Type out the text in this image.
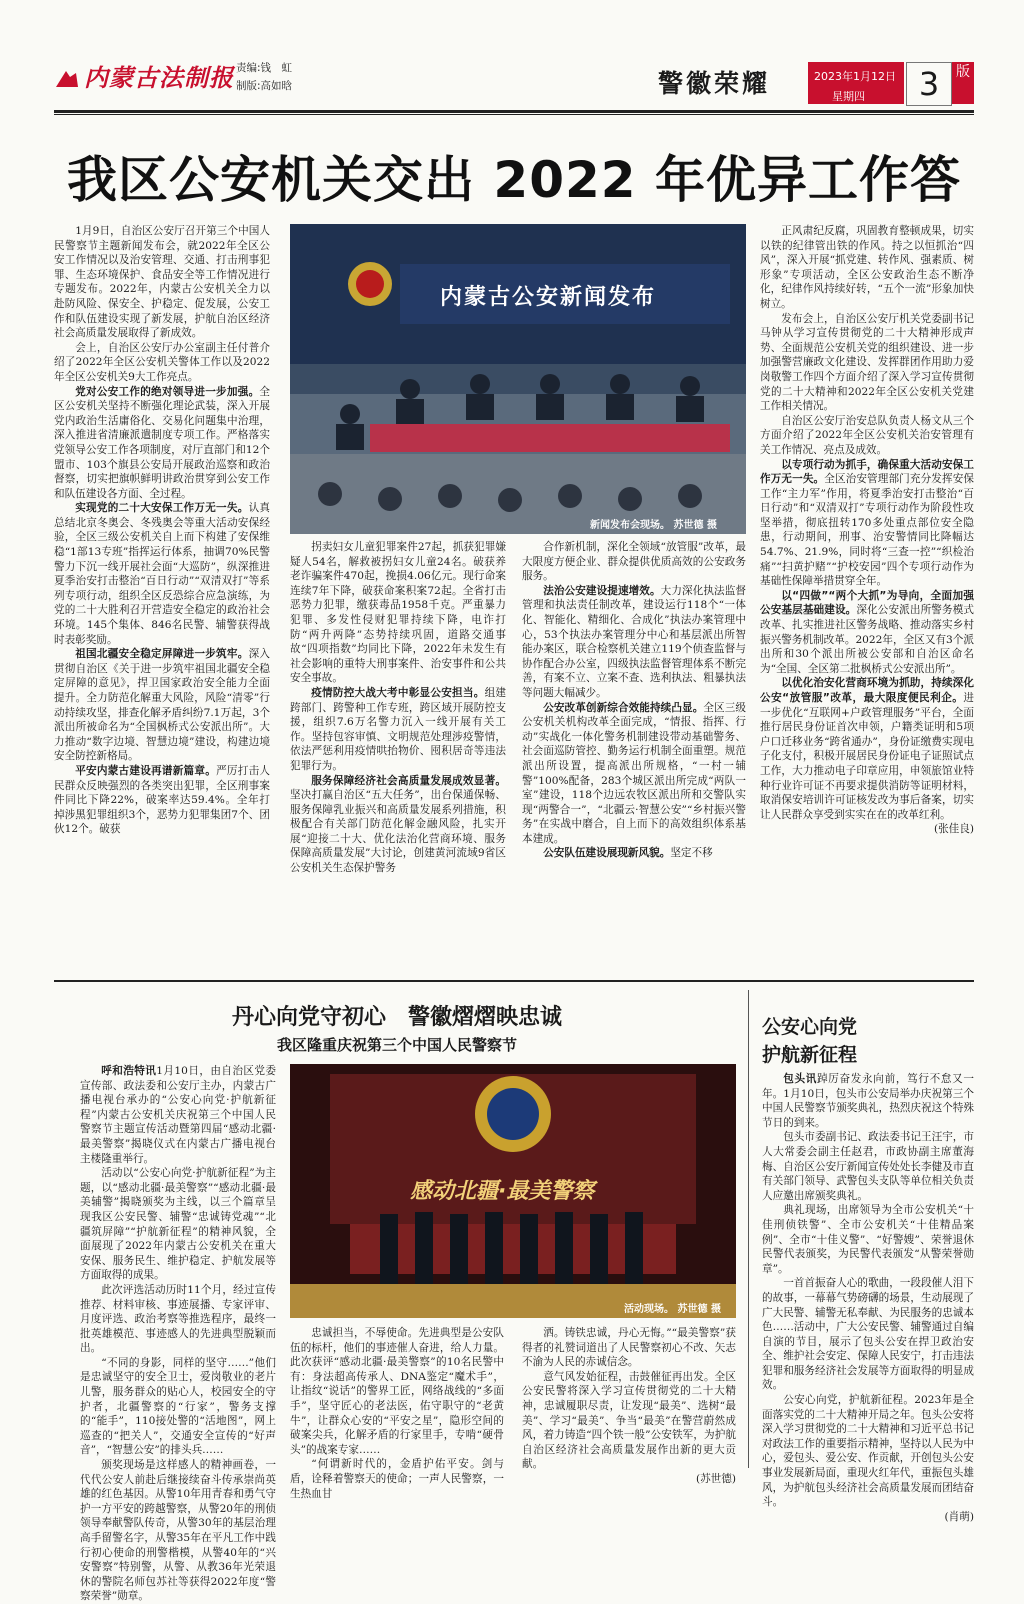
内蒙古法制报 责编:钱　虹
制版:高如晗	警徽荣耀	2023年1月12日
星期四	3	版
我区公安机关交出 2022 年优异工作答

1月9日，自治区公安厅召开第三个中国人民警察节主题新闻发布会，就2022年全区公安工作情况以及治安管理、交通、打击刑事犯罪、生态环境保护、食品安全等工作情况进行专题发布。2022年，内蒙古公安机关全力以赴防风险、保安全、护稳定、促发展，公安工作和队伍建设实现了新发展，护航自治区经济社会高质量发展取得了新成效。

会上，自治区公安厅办公室副主任付普介绍了2022年全区公安机关警体工作以及2022年全区公安机关9大工作亮点。

党对公安工作的绝对领导进一步加强。全区公安机关坚持不断强化理论武装，深入开展党内政治生活庸俗化、交易化问题集中治理，深入推进省清廉派遣制度专项工作。严格落实党领导公安工作各项制度，对厅直部门和12个盟市、103个旗县公安局开展政治巡察和政治督察，切实把旗帜鲜明讲政治贯穿到公安工作和队伍建设各方面、全过程。

实现党的二十大安保工作万无一失。认真总结北京冬奥会、冬残奥会等重大活动安保经验，全区三级公安机关自上而下构建了安保维稳“1部13专班”指挥运行体系，抽调70%民警警力下沉一线开展社会面“大巡防”，纵深推进夏季治安打击整治“百日行动”“双清双打”等系列专项行动，组织全区反恐综合应急演练，为党的二十大胜利召开营造安全稳定的政治社会环境。145个集体、846名民警、辅警获得战时表彰奖励。

祖国北疆安全稳定屏障进一步筑牢。深入贯彻自治区《关于进一步筑牢祖国北疆安全稳定屏障的意见》，捍卫国家政治安全能力全面提升。全力防范化解重大风险，风险“清零”行动持续攻坚，排查化解矛盾纠纷7.1万起，3个派出所被命名为“全国枫桥式公安派出所”。大力推动“数字边境、智慧边境”建设，构建边境安全防控新格局。

平安内蒙古建设再谱新篇章。严厉打击人民群众反映强烈的各类突出犯罪，全区刑事案件同比下降22%，破案率达59.4%。全年打掉涉黑犯罪组织3个，恶势力犯罪集团7个、团伙12个。破获

内蒙古公安新闻发布
新闻发布会现场。 苏世德 摄

拐卖妇女儿童犯罪案件27起，抓获犯罪嫌疑人54名，解救被拐妇女儿童24名。破获养老诈骗案件470起，挽损4.06亿元。现行命案连续7年下降，破获命案积案72起。全省打击恶势力犯罪，缴获毒品1958千克。严重暴力犯罪、多发性侵财犯罪持续下降，电诈打防“两升两降”态势持续巩固，道路交通事故“四项指数”均同比下降，2022年未发生有社会影响的重特大刑事案件、治安事件和公共安全事故。

疫情防控大战大考中彰显公安担当。组建跨部门、跨警种工作专班，跨区域开展防控支援，组织7.6万名警力沉入一线开展有关工作。坚持包容审慎、文明规范处理涉疫警情，依法严惩利用疫情哄抬物价、囤积居奇等违法犯罪行为。

服务保障经济社会高质量发展成效显著。坚决打赢自治区“五大任务”，出台保通保畅、服务保障乳业振兴和高质量发展系列措施，积极配合有关部门防范化解金融风险，扎实开展“迎接二十大、优化法治化营商环境、服务保障高质量发展”大讨论，创建黄河流域9省区公安机关生态保护警务

合作新机制，深化全领域“放管服”改革，最大限度方便企业、群众提供优质高效的公安政务服务。

法治公安建设提速增效。大力深化执法监督管理和执法责任制改革，建设运行118个“一体化、智能化、精细化、合成化”执法办案管理中心，53个执法办案管理分中心和基层派出所智能办案区，联合检察机关建立119个侦查监督与协作配合办公室，四级执法监督管理体系不断完善，有案不立、立案不查、选利执法、粗暴执法等问题大幅减少。

公安改革创新综合效能持续凸显。全区三级公安机关机构改革全面完成，“情报、指挥、行动”实战化一体化警务机制建设带动基础警务、社会面巡防管控、勤务运行机制全面重塑。规范派出所设置，提高派出所规格，“一村一辅警”100%配备，283个城区派出所完成“两队一室”建设，118个边远农牧区派出所和交警队实现“两警合一”，“北疆云·智慧公安”“乡村振兴警务”在实战中磨合，自上而下的高效组织体系基本建成。

公安队伍建设展现新风貌。坚定不移

正风肃纪反腐，巩固教育整顿成果，切实以铁的纪律管出铁的作风。持之以恒抓治“四风”，深入开展“抓党建、转作风、强素质、树形象”专项活动，全区公安政治生态不断净化，纪律作风持续好转，“五个一流”形象加快树立。

发布会上，自治区公安厅机关党委副书记马钟从学习宣传贯彻党的二十大精神形成声势、全面规范公安机关党的组织建设、进一步加强警营廉政文化建设、发挥群团作用助力爱岗敬警工作四个方面介绍了深入学习宣传贯彻党的二十大精神和2022年全区公安机关党建工作相关情况。

自治区公安厅治安总队负责人杨文从三个方面介绍了2022年全区公安机关治安管理有关工作情况、亮点及成效。

以专项行动为抓手，确保重大活动安保工作万无一失。全区治安管理部门充分发挥安保工作“主力军”作用，将夏季治安打击整治“百日行动”和“双清双打”专项行动作为阶段性攻坚举措，彻底扭转170多处重点部位安全隐患，行动期间，刑事、治安警情同比降幅达54.7%、21.9%，同时将“三查一控”“织检治痛”“扫黄护赌”“护校安园”四个专项行动作为基础性保障举措贯穿全年。

以“四做”“两个大抓”为导向，全面加强公安基层基础建设。深化公安派出所警务模式改革、扎实推进社区警务战略、推动落实乡村振兴警务机制改革。2022年，全区又有3个派出所和30个派出所被公安部和自治区命名为“全国、全区第二批枫桥式公安派出所”。

以优化治安化营商环境为抓助，持续深化公安“放管服”改革，最大限度便民利企。进一步优化“互联网+户政管理服务”平台，全面推行居民身份证首次申领，户籍类证明和5项户口迁移业务“跨省通办”，身份证缴费实现电子化支付，积极开展居民身份证电子证照试点工作，大力推动电子印章应用，申领旅馆业特种行业许可证不再要求提供消防等证明材料，取消保安培训许可证核发改为事后备案，切实让人民群众享受到实实在在的改革红利。

(张佳良)

丹心向党守初心　警徽熠熠映忠诚
我区隆重庆祝第三个中国人民警察节

呼和浩特讯1月10日，由自治区党委宣传部、政法委和公安厅主办，内蒙古广播电视台承办的“公安心向党·护航新征程”内蒙古公安机关庆祝第三个中国人民警察节主题宣传活动暨第四届“感动北疆·最美警察”揭晓仪式在内蒙古广播电视台主楼隆重举行。

活动以“公安心向党·护航新征程”为主题，以“感动北疆·最美警察”“感动北疆·最美辅警”揭晓颁奖为主线，以三个篇章呈现我区公安民警、辅警“忠诚铸党魂”“北疆筑屏障”“护航新征程”的精神风貌，全面展现了2022年内蒙古公安机关在重大安保、服务民生、维护稳定、护航发展等方面取得的成果。

此次评选活动历时11个月，经过宣传推荐、材料审核、事迹展播、专家评审、月度评选、政治考察等推选程序，最终一批英雄模范、事迹感人的先进典型脱颖而出。

“不同的身影，同样的坚守……”他们是忠诚坚守的安全卫士，爱岗敬业的老片儿警，服务群众的贴心人，校园安全的守护者，北疆警察的“行家”，警务支撑的“能手”，110接处警的“活地图”，网上巡查的“把关人”，交通安全宣传的“好声音”，“智慧公安”的排头兵……

颁奖现场是这样感人的精神画卷，一代代公安人前赴后继接续奋斗传承崇尚英雄的红色基因。从警10年用青春和勇气守护一方平安的跨越警察，从警20年的刑侦领导奉献警队传奇，从警30年的基层治理高手留警名字，从警35年在平凡工作中践行初心使命的刑警楷模，从警40年的“兴安警察”特别警，从警、从教36年光荣退休的警院名师包苏社等获得2022年度“警察荣誉”勋章。

感动北疆·最美警察
活动现场。 苏世德 摄

忠诚担当，不辱使命。先进典型是公安队伍的标杆，他们的事迹催人奋进，给人力量。此次获评“感动北疆·最美警察”的10名民警中有：身法超高传承人、DNA鉴定“魔术手”，让指纹“说话”的警界工匠，网络战线的“多面手”，坚守匠心的老法医，佑守职守的“老黄牛”，让群众心安的“平安之星”，隐形空间的破案尖兵，化解矛盾的行家里手，专啃“硬骨头”的战案专家……

“何谓新时代的，金盾护佑平安。剑与盾，诠释着警察天的使命；一声人民警察，一生热血甘

洒。铸铁忠诚，丹心无悔。”“最美警察”获得者的礼赞词道出了人民警察初心不改、矢志不渝为人民的赤诚信念。

意气风发始征程，击鼓催征再出发。全区公安民警将深入学习宣传贯彻党的二十大精神，忠诚履职尽责，让发现“最美”、选树“最美”、学习“最美”、争当“最美”在警营蔚然成风，着力铸造“四个铁一般”公安铁军，为护航自治区经济社会高质量发展作出新的更大贡献。

(苏世德)

公安心向党
护航新征程

包头讯踔厉奋发永向前，笃行不怠又一年。1月10日，包头市公安局举办庆祝第三个中国人民警察节颁奖典礼，热烈庆祝这个特殊节日的到来。

包头市委副书记、政法委书记王汪宇，市人大常委会副主任赵君，市政协副主席董海梅、自治区公安厅新闻宣传处处长李健及市直有关部门领导、武警包头支队等单位相关负责人应邀出席颁奖典礼。

典礼现场，出席领导为全市公安机关“十佳刑侦铁警”、全市公安机关“十佳精品案例”、全市“十佳义警”、“好警嫂”、荣誉退休民警代表颁奖，为民警代表颁发“从警荣誉勋章”。

一首首振奋人心的歌曲，一段段催人泪下的故事，一幕幕气势磅礴的场景，生动展现了广大民警、辅警无私奉献、为民服务的忠诚本色……活动中，广大公安民警、辅警通过自编自演的节目，展示了包头公安在捍卫政治安全、维护社会安定、保障人民安宁，打击违法犯罪和服务经济社会发展等方面取得的明显成效。

公安心向党，护航新征程。2023年是全面落实党的二十大精神开局之年。包头公安将深入学习贯彻党的二十大精神和习近平总书记对政法工作的重要指示精神，坚持以人民为中心，爱包头、爱公安、作贡献，开创包头公安事业发展新局面，重现火红年代，重振包头雄风，为护航包头经济社会高质量发展而团结奋斗。

(肖萌)
